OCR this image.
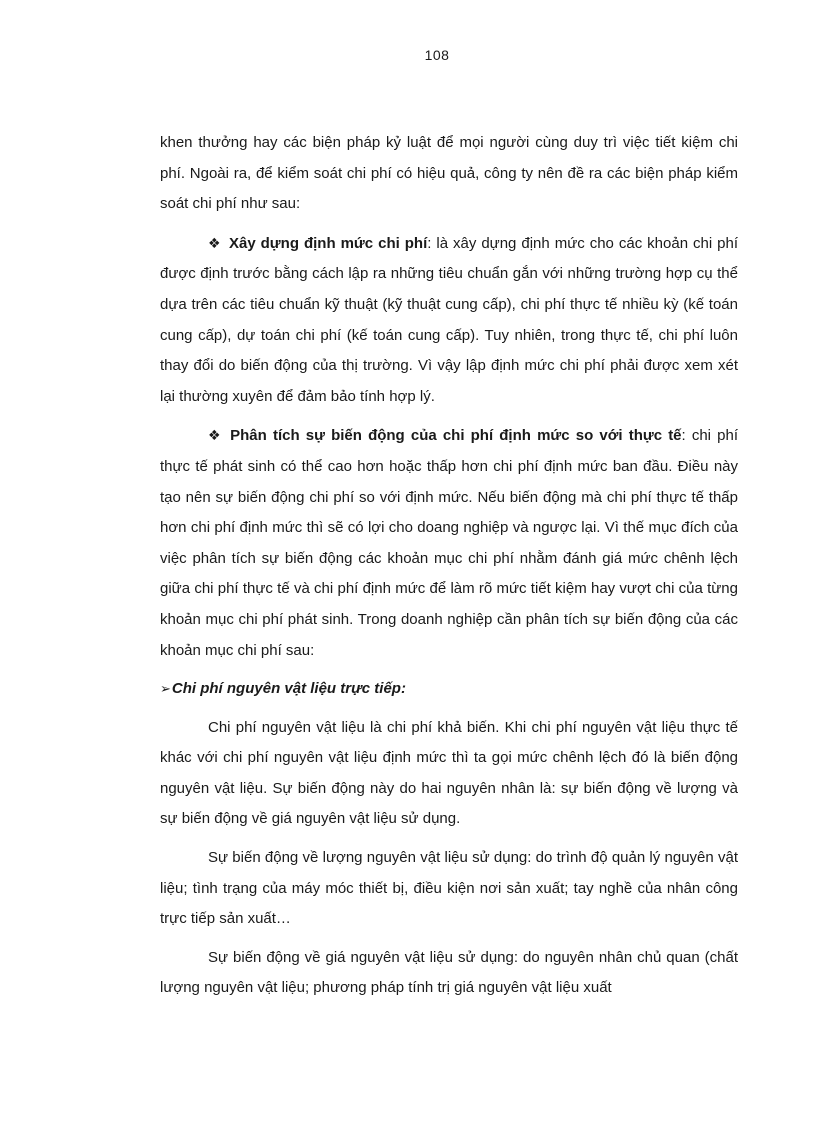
108

khen thưởng hay các biện pháp kỷ luật để mọi người cùng duy trì việc tiết kiệm chi phí. Ngoài ra, để kiểm soát chi phí có hiệu quả, công ty nên đề ra các biện pháp kiểm soát chi phí như sau:

❖ Xây dựng định mức chi phí: là xây dựng định mức cho các khoản chi phí được định trước bằng cách lập ra những tiêu chuẩn gắn với những trường hợp cụ thể dựa trên các tiêu chuẩn kỹ thuật (kỹ thuật cung cấp), chi phí thực tế nhiều kỳ (kế toán cung cấp), dự toán chi phí (kế toán cung cấp). Tuy nhiên, trong thực tế, chi phí luôn thay đổi do biến động của thị trường. Vì vậy lập định mức chi phí phải được xem xét lại thường xuyên để đảm bảo tính hợp lý.

❖ Phân tích sự biến động của chi phí định mức so với thực tế: chi phí thực tế phát sinh có thể cao hơn hoặc thấp hơn chi phí định mức ban đầu. Điều này tạo nên sự biến động chi phí so với định mức. Nếu biến động mà chi phí thực tế thấp hơn chi phí định mức thì sẽ có lợi cho doang nghiệp và ngược lại. Vì thế mục đích của việc phân tích sự biến động các khoản mục chi phí nhằm đánh giá mức chênh lệch giữa chi phí thực tế và chi phí định mức để làm rõ mức tiết kiệm hay vượt chi của từng khoản mục chi phí phát sinh. Trong doanh nghiệp cần phân tích sự biến động của các khoản mục chi phí sau:

➢Chi phí nguyên vật liệu trực tiếp:

Chi phí nguyên vật liệu là chi phí khả biến. Khi chi phí nguyên vật liệu thực tế khác với chi phí nguyên vật liệu định mức thì ta gọi mức chênh lệch đó là biến động nguyên vật liệu. Sự biến động này do hai nguyên nhân là: sự biến động về lượng và sự biến động về giá nguyên vật liệu sử dụng.

Sự biến động về lượng nguyên vật liệu sử dụng: do trình độ quản lý nguyên vật liệu; tình trạng của máy móc thiết bị, điều kiện nơi sản xuất; tay nghề của nhân công trực tiếp sản xuất…

Sự biến động về giá nguyên vật liệu sử dụng: do nguyên nhân chủ quan (chất lượng nguyên vật liệu; phương pháp tính trị giá nguyên vật liệu xuất
